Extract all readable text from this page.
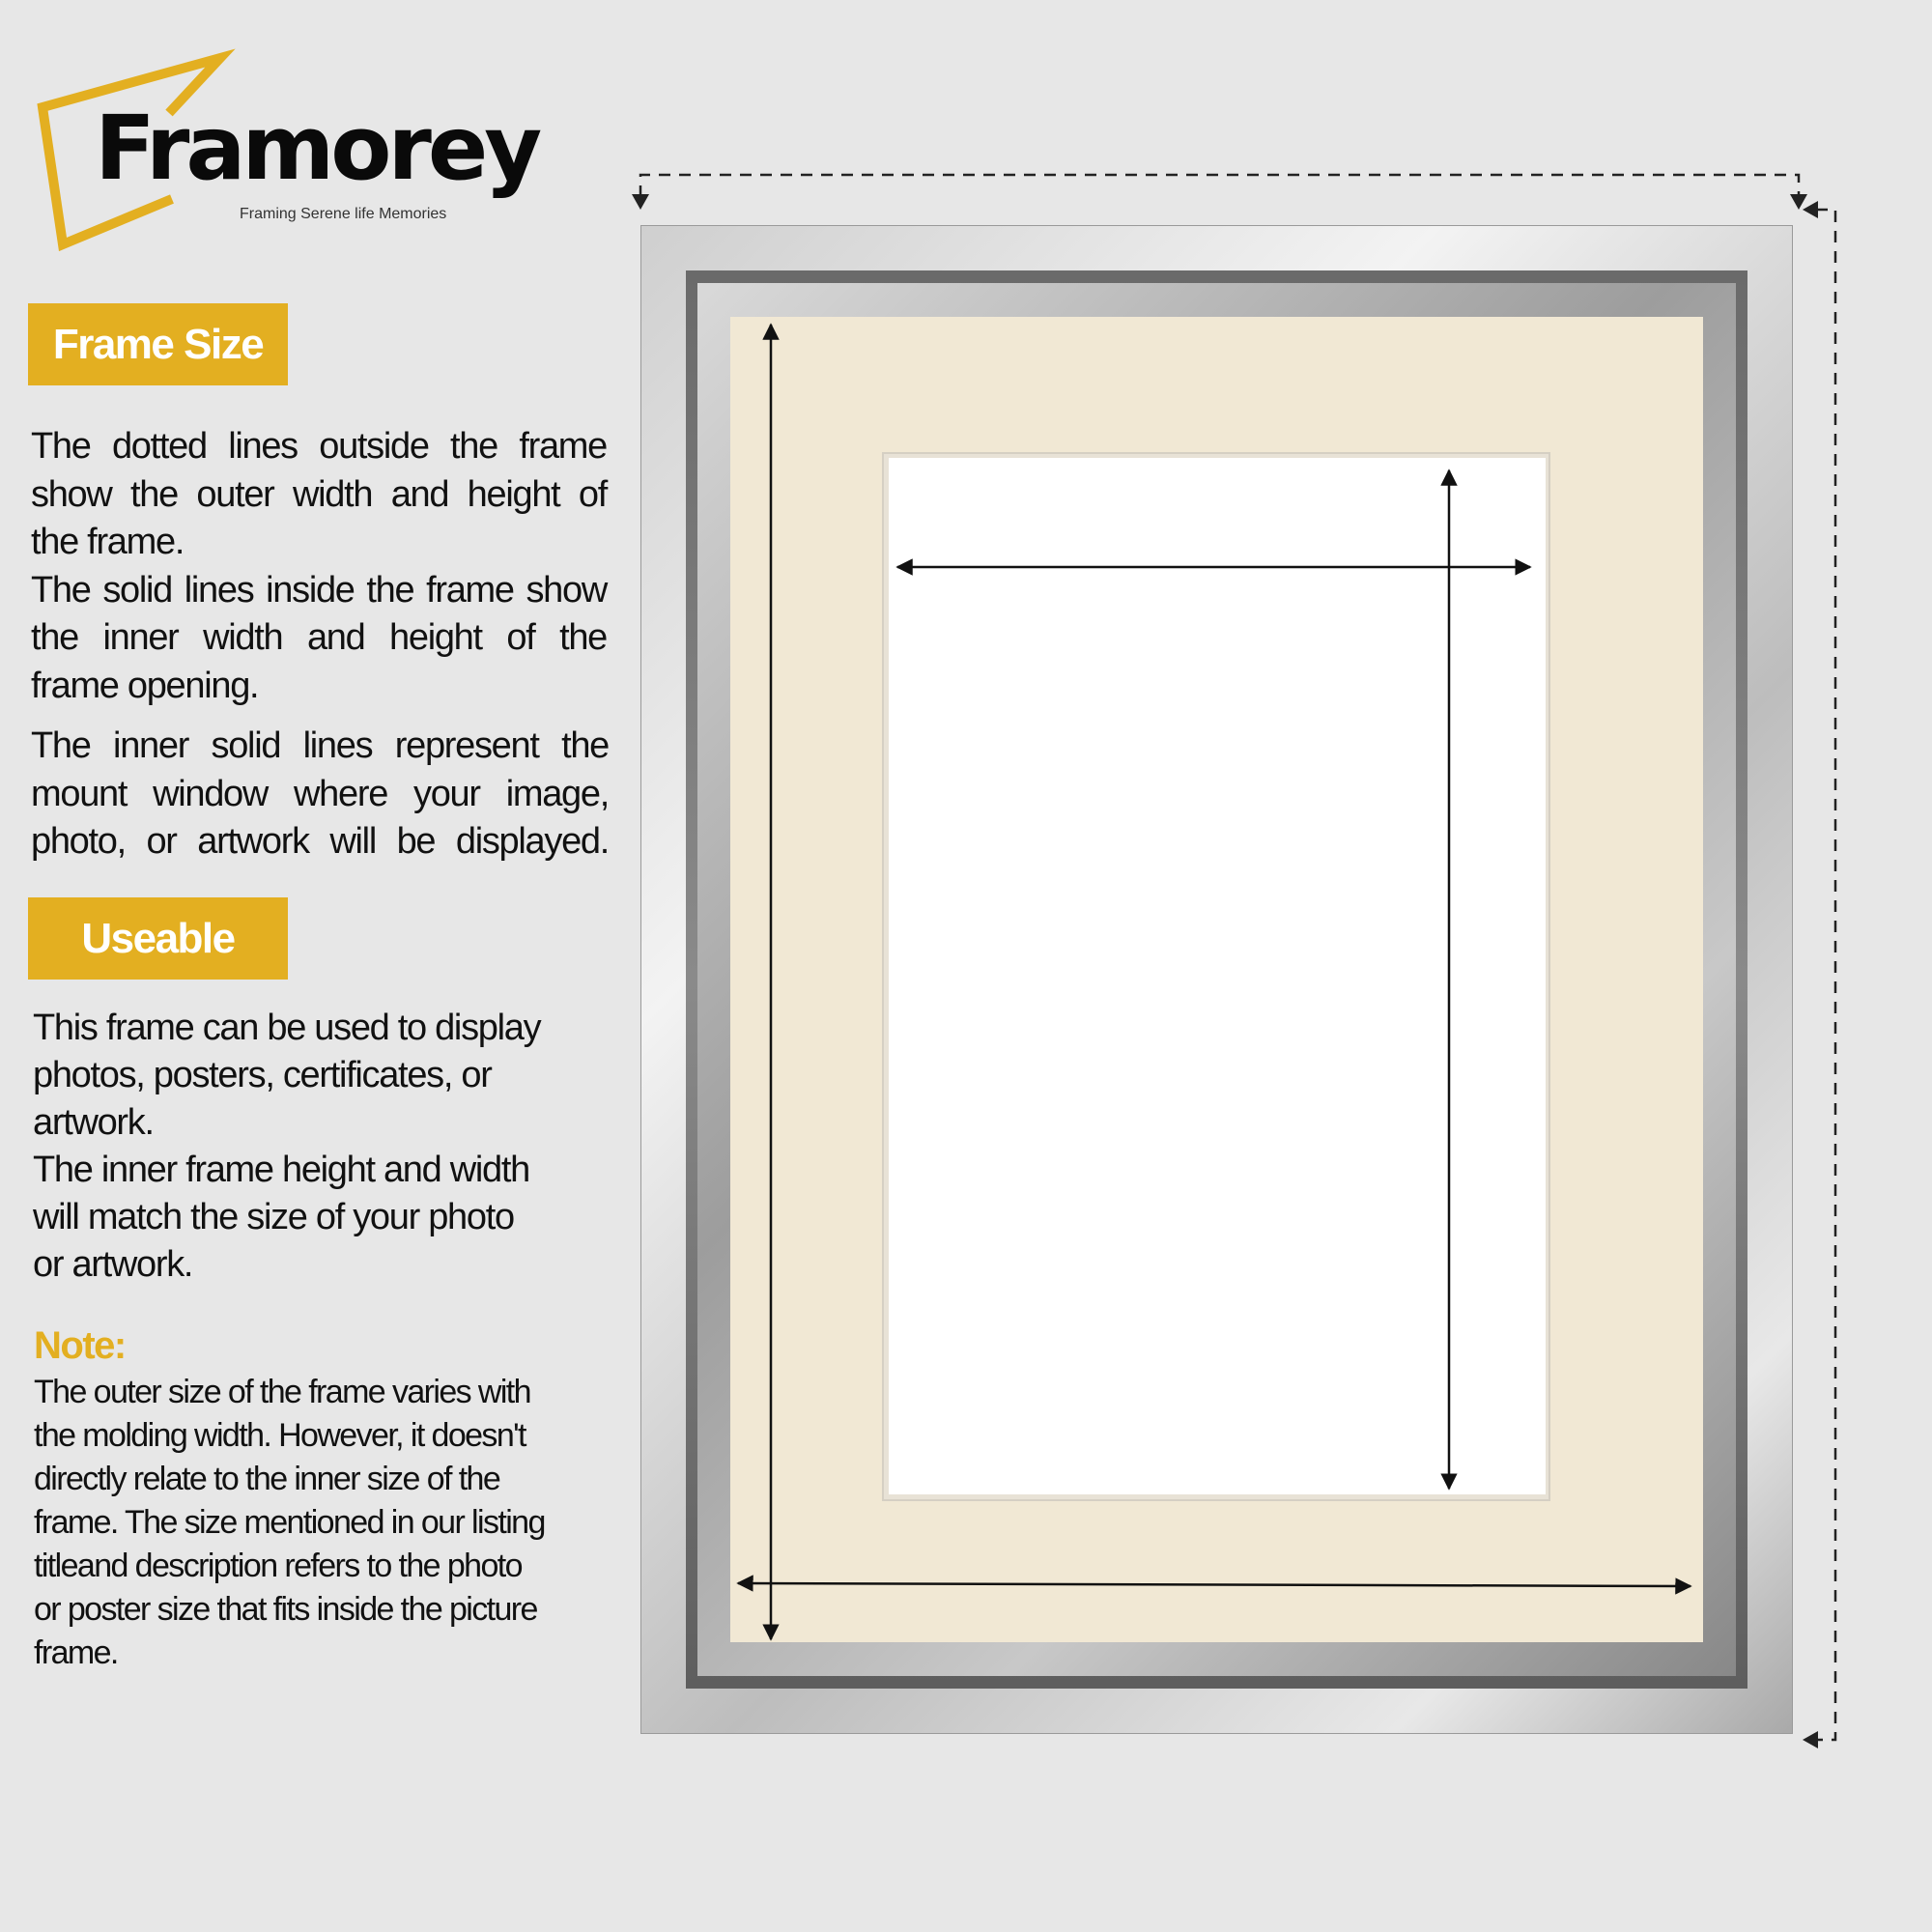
Framorey
Framing Serene life Memories
Frame Size
The dotted lines outside the frame
show the outer width and height of
the frame.
The solid lines inside the frame show
the inner width and height of the
frame opening.
The inner solid lines represent the
mount window where your image,
photo, or artwork will be displayed.
Useable
This frame can be used to display
photos, posters, certificates, or
artwork.
The inner frame height and width
will match the size of your photo
or artwork.
Note:
The outer size of the frame varies with
the molding width. However, it doesn't
directly relate to the inner size of the
frame. The size mentioned in our listing
titleand description refers to the photo
or poster size that fits inside the picture
frame.
